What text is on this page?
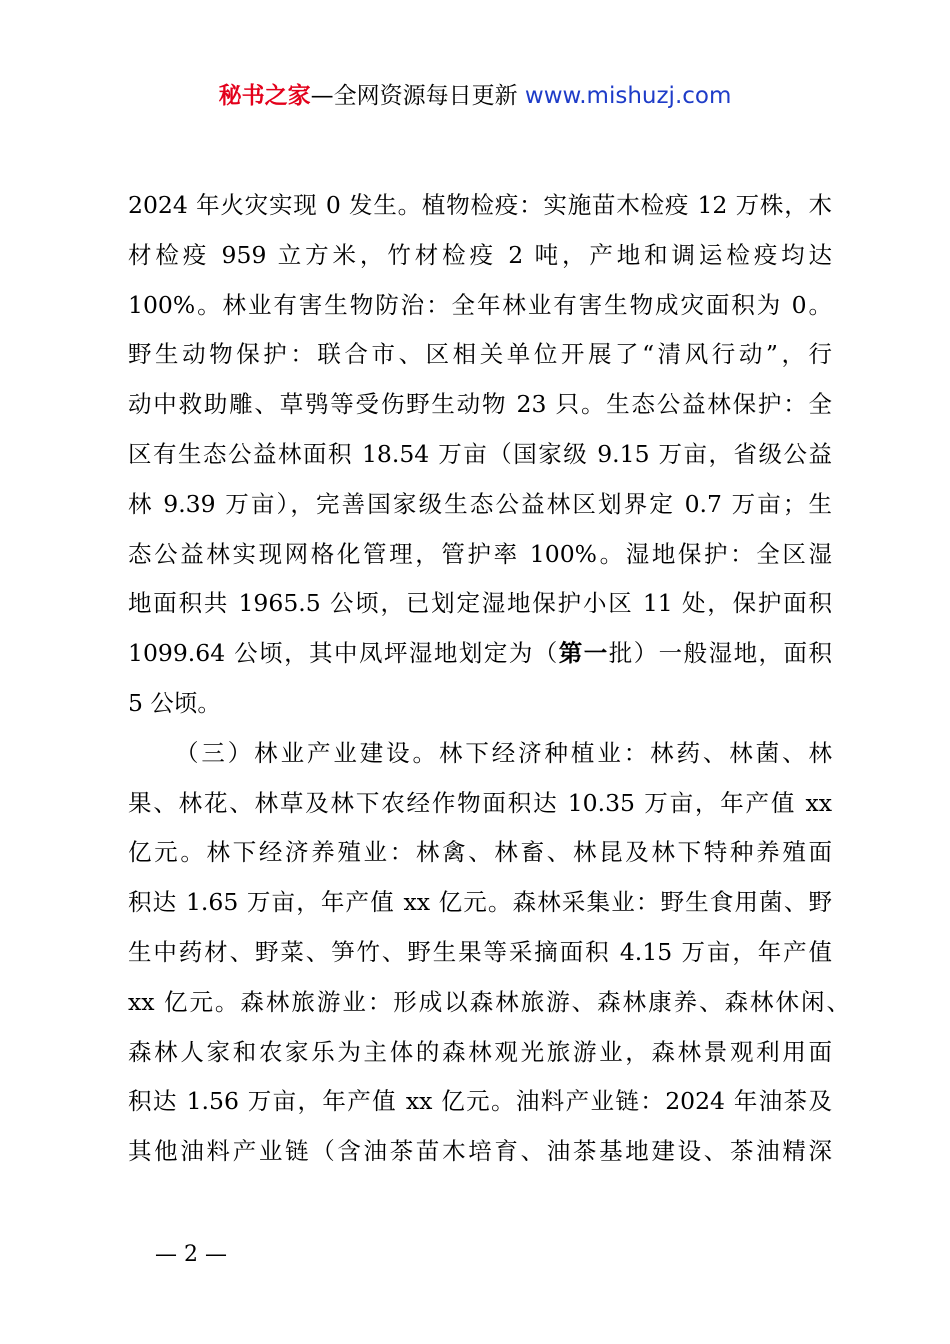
秘书之家—全网资源每日更新 www.mishuzj.com
2024 年火灾实现 0 发生。植物检疫：实施苗木检疫 12 万株，木
材检疫 959 立方米，竹材检疫 2 吨，产地和调运检疫均达
100%。林业有害生物防治：全年林业有害生物成灾面积为 0。
野生动物保护：联合市、区相关单位开展了“清风行动”，行
动中救助雕、草鸮等受伤野生动物 23 只。生态公益林保护：全
区有生态公益林面积 18.54 万亩（国家级 9.15 万亩，省级公益
林 9.39 万亩），完善国家级生态公益林区划界定 0.7 万亩；生
态公益林实现网格化管理，管护率 100%。湿地保护：全区湿
地面积共 1965.5 公顷，已划定湿地保护小区 11 处，保护面积
1099.64 公顷，其中凤坪湿地划定为（第一批）一般湿地，面积
5 公顷。
（三）林业产业建设。林下经济种植业：林药、林菌、林
果、林花、林草及林下农经作物面积达 10.35 万亩，年产值 xx
亿元。林下经济养殖业：林禽、林畜、林昆及林下特种养殖面
积达 1.65 万亩，年产值 xx 亿元。森林采集业：野生食用菌、野
生中药材、野菜、笋竹、野生果等采摘面积 4.15 万亩，年产值
xx 亿元。森林旅游业：形成以森林旅游、森林康养、森林休闲、
森林人家和农家乐为主体的森林观光旅游业，森林景观利用面
积达 1.56 万亩，年产值 xx 亿元。油料产业链：2024 年油茶及
其他油料产业链（含油茶苗木培育、油茶基地建设、茶油精深
— 2 —
